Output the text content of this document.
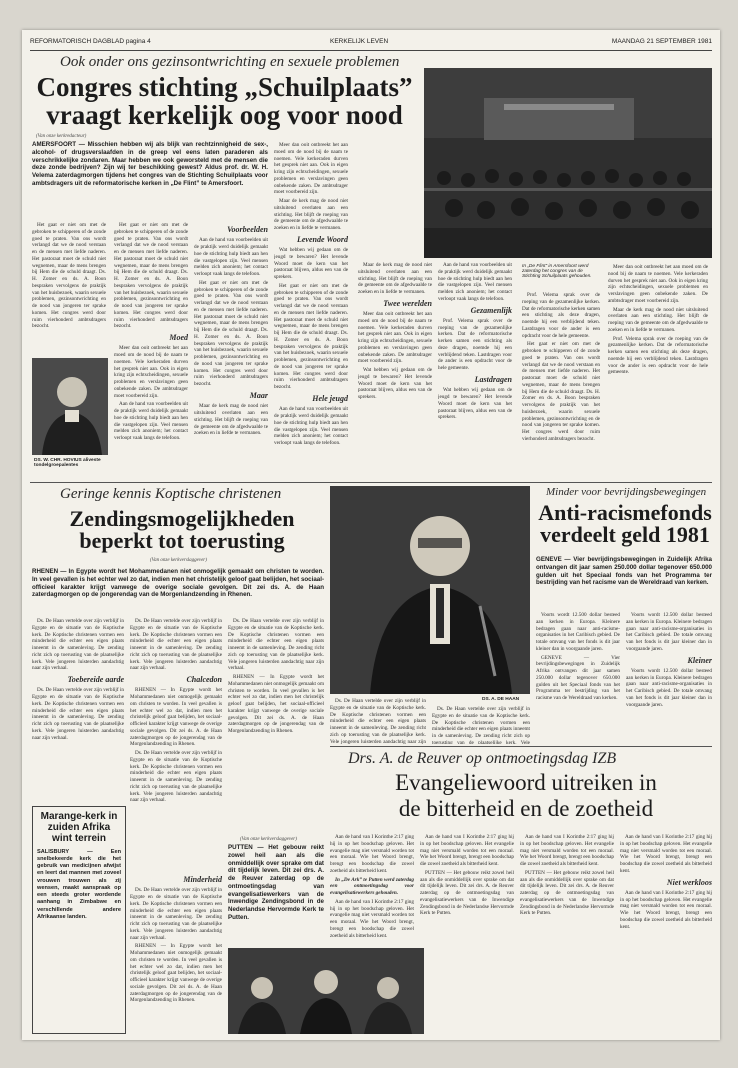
REFORMATORISCH DAGBLAD pagina 4	KERKELIJK LEVEN	MAANDAG 21 SEPTEMBER 1981
Ook onder ons gezinsontwrichting en sexuele problemen
Congres stichting „Schuilplaats”
vraagt kerkelijk oog voor nood
(Van onze kerkredacteur)
AMERSFOORT — Misschien hebben wij als blijk van rechtzinnigheid de sex-, alcohol- of drugsverslaafden in de greep vel eens laten paraderen als verschrikkelijke zondaren. Maar hebben we ook geworsteld met de mensen die deze zonde bedrijven? Zijn wij ter beschikking gewest? Aldus prof. dr. W. H. Velema zaterdagmorgen tijdens het congres van de Stichting Schuilplaats voor ambtsdragers uit de reformatorische kerken in „De Flint” te Amersfoort.

Het gaat er niet om met de gebroken te schipperen of de zonde goed te praten. Van ons wordt verlangd dat we de nood verstaan en de mensen met liefde naderen. Het pastoraat moet de schuld niet wegnemen, maar de mens brengen bij Hem die de schuld draagt. Ds. H. Zomer en ds. A. Boon bespraken vervolgens de praktijk van het huisbezoek, waarin sexuele problemen, gezinsontwrichting en de nood van jongeren ter sprake komen. Het congres werd door ruim vierhonderd ambtsdragers bezocht.

DS. W. CHR. HOVIUS aliveste tondelgroepalentes

Het gaat er niet om met de gebroken te schipperen of de zonde goed te praten. Van ons wordt verlangd dat we de nood verstaan en de mensen met liefde naderen. Het pastoraat moet de schuld niet wegnemen, maar de mens brengen bij Hem die de schuld draagt. Ds. H. Zomer en ds. A. Boon bespraken vervolgens de praktijk van het huisbezoek, waarin sexuele problemen, gezinsontwrichting en de nood van jongeren ter sprake komen. Het congres werd door ruim vierhonderd ambtsdragers bezocht.

Moed

Meer dan ooit ontbreekt het aan moed om de nood bij de naam te noemen. Vele kerkeraden durven het gesprek niet aan. Ook in eigen kring zijn echtscheidingen, sexuele problemen en verslavingen geen onbekende zaken. De ambtsdrager moet voorbereid zijn.

Aan de hand van voorbeelden uit de praktijk werd duidelijk gemaakt hoe de stichting hulp biedt aan hen die vastgelopen zijn. Veel mensen melden zich anoniem; het contact verloopt vaak langs de telefoon.

Voorbeelden

Aan de hand van voorbeelden uit de praktijk werd duidelijk gemaakt hoe de stichting hulp biedt aan hen die vastgelopen zijn. Veel mensen melden zich anoniem; het contact verloopt vaak langs de telefoon.

Het gaat er niet om met de gebroken te schipperen of de zonde goed te praten. Van ons wordt verlangd dat we de nood verstaan en de mensen met liefde naderen. Het pastoraat moet de schuld niet wegnemen, maar de mens brengen bij Hem die de schuld draagt. Ds. H. Zomer en ds. A. Boon bespraken vervolgens de praktijk van het huisbezoek, waarin sexuele problemen, gezinsontwrichting en de nood van jongeren ter sprake komen. Het congres werd door ruim vierhonderd ambtsdragers bezocht.

Maar

Maar de kerk mag de nood niet uitsluitend overlaten aan een stichting. Het blijft de roeping van de gemeente om de afgedwaalde te zoeken en in liefde te vermanen.

Meer dan ooit ontbreekt het aan moed om de nood bij de naam te noemen. Vele kerkeraden durven het gesprek niet aan. Ook in eigen kring zijn echtscheidingen, sexuele problemen en verslavingen geen onbekende zaken. De ambtsdrager moet voorbereid zijn.

Maar de kerk mag de nood niet uitsluitend overlaten aan een stichting. Het blijft de roeping van de gemeente om de afgedwaalde te zoeken en in liefde te vermanen.

Levende Woord

Wat hebben wij gedaan om de jeugd te bewaren? Het levende Woord moet de kern van het pastoraat blijven, aldus een van de sprekers.

Het gaat er niet om met de gebroken te schipperen of de zonde goed te praten. Van ons wordt verlangd dat we de nood verstaan en de mensen met liefde naderen. Het pastoraat moet de schuld niet wegnemen, maar de mens brengen bij Hem die de schuld draagt. Ds. H. Zomer en ds. A. Boon bespraken vervolgens de praktijk van het huisbezoek, waarin sexuele problemen, gezinsontwrichting en de nood van jongeren ter sprake komen. Het congres werd door ruim vierhonderd ambtsdragers bezocht.

Hele jeugd

Aan de hand van voorbeelden uit de praktijk werd duidelijk gemaakt hoe de stichting hulp biedt aan hen die vastgelopen zijn. Veel mensen melden zich anoniem; het contact verloopt vaak langs de telefoon.

Maar de kerk mag de nood niet uitsluitend overlaten aan een stichting. Het blijft de roeping van de gemeente om de afgedwaalde te zoeken en in liefde te vermanen.

Twee werelden

Meer dan ooit ontbreekt het aan moed om de nood bij de naam te noemen. Vele kerkeraden durven het gesprek niet aan. Ook in eigen kring zijn echtscheidingen, sexuele problemen en verslavingen geen onbekende zaken. De ambtsdrager moet voorbereid zijn.

Wat hebben wij gedaan om de jeugd te bewaren? Het levende Woord moet de kern van het pastoraat blijven, aldus een van de sprekers.

Aan de hand van voorbeelden uit de praktijk werd duidelijk gemaakt hoe de stichting hulp biedt aan hen die vastgelopen zijn. Veel mensen melden zich anoniem; het contact verloopt vaak langs de telefoon.

Gezamenlijk

Prof. Velema sprak over de roeping van de gezamenlijke kerken. Dat de reformatorische kerken samen een stichting als deze dragen, noemde hij een verblijdend teken. Lastdragen voor de ander is een opdracht voor de hele gemeente.

Lastdragen

Wat hebben wij gedaan om de jeugd te bewaren? Het levende Woord moet de kern van het pastoraat blijven, aldus een van de sprekers.

In „De Flint” in Amersfoort werd zaterdag het congres van de Stichting Schuilplaats gehouden.

Prof. Velema sprak over de roeping van de gezamenlijke kerken. Dat de reformatorische kerken samen een stichting als deze dragen, noemde hij een verblijdend teken. Lastdragen voor de ander is een opdracht voor de hele gemeente.

Het gaat er niet om met de gebroken te schipperen of de zonde goed te praten. Van ons wordt verlangd dat we de nood verstaan en de mensen met liefde naderen. Het pastoraat moet de schuld niet wegnemen, maar de mens brengen bij Hem die de schuld draagt. Ds. H. Zomer en ds. A. Boon bespraken vervolgens de praktijk van het huisbezoek, waarin sexuele problemen, gezinsontwrichting en de nood van jongeren ter sprake komen. Het congres werd door ruim vierhonderd ambtsdragers bezocht.

Meer dan ooit ontbreekt het aan moed om de nood bij de naam te noemen. Vele kerkeraden durven het gesprek niet aan. Ook in eigen kring zijn echtscheidingen, sexuele problemen en verslavingen geen onbekende zaken. De ambtsdrager moet voorbereid zijn.

Maar de kerk mag de nood niet uitsluitend overlaten aan een stichting. Het blijft de roeping van de gemeente om de afgedwaalde te zoeken en in liefde te vermanen.

Prof. Velema sprak over de roeping van de gezamenlijke kerken. Dat de reformatorische kerken samen een stichting als deze dragen, noemde hij een verblijdend teken. Lastdragen voor de ander is een opdracht voor de hele gemeente.

Geringe kennis Koptische christenen
Zendingsmogelijkheden
beperkt tot toerusting
(Van onze kerkverslaggever)
RHENEN — In Egypte wordt het Mohammedanen niet onmogelijk gemaakt om christen te worden. In veel gevallen is het echter wel zo dat, indien men het christelijk geloof gaat belijden, het sociaal-officieel karakter krijgt vanwege de overige sociale gevolgen. Dit zei ds. A. de Haan zaterdagmorgen op de jongerendag van de Morgenlandzending in Rhenen.

Ds. De Haan vertelde over zijn verblijf in Egypte en de situatie van de Koptische kerk. De Koptische christenen vormen een minderheid die echter een eigen plaats inneemt in de samenleving. De zending richt zich op toerusting van de plaatselijke kerk. Vele jongeren luisterden aandachtig naar zijn verhaal.

Toebereide aarde

Ds. De Haan vertelde over zijn verblijf in Egypte en de situatie van de Koptische kerk. De Koptische christenen vormen een minderheid die echter een eigen plaats inneemt in de samenleving. De zending richt zich op toerusting van de plaatselijke kerk. Vele jongeren luisterden aandachtig naar zijn verhaal.

Ds. De Haan vertelde over zijn verblijf in Egypte en de situatie van de Koptische kerk. De Koptische christenen vormen een minderheid die echter een eigen plaats inneemt in de samenleving. De zending richt zich op toerusting van de plaatselijke kerk. Vele jongeren luisterden aandachtig naar zijn verhaal.

Chalcedon

RHENEN — In Egypte wordt het Mohammedanen niet onmogelijk gemaakt om christen te worden. In veel gevallen is het echter wel zo dat, indien men het christelijk geloof gaat belijden, het sociaal-officieel karakter krijgt vanwege de overige sociale gevolgen. Dit zei ds. A. de Haan zaterdagmorgen op de jongerendag van de Morgenlandzending in Rhenen.

Ds. De Haan vertelde over zijn verblijf in Egypte en de situatie van de Koptische kerk. De Koptische christenen vormen een minderheid die echter een eigen plaats inneemt in de samenleving. De zending richt zich op toerusting van de plaatselijke kerk. Vele jongeren luisterden aandachtig naar zijn verhaal.

Ds. De Haan vertelde over zijn verblijf in Egypte en de situatie van de Koptische kerk. De Koptische christenen vormen een minderheid die echter een eigen plaats inneemt in de samenleving. De zending richt zich op toerusting van de plaatselijke kerk. Vele jongeren luisterden aandachtig naar zijn verhaal.

RHENEN — In Egypte wordt het Mohammedanen niet onmogelijk gemaakt om christen te worden. In veel gevallen is het echter wel zo dat, indien men het christelijk geloof gaat belijden, het sociaal-officieel karakter krijgt vanwege de overige sociale gevolgen. Dit zei ds. A. de Haan zaterdagmorgen op de jongerendag van de Morgenlandzending in Rhenen.

DS. A. DE HAAN

Ds. De Haan vertelde over zijn verblijf in Egypte en de situatie van de Koptische kerk. De Koptische christenen vormen een minderheid die echter een eigen plaats inneemt in de samenleving. De zending richt zich op toerusting van de plaatselijke kerk. Vele jongeren luisterden aandachtig naar zijn

Ds. De Haan vertelde over zijn verblijf in Egypte en de situatie van de Koptische kerk. De Koptische christenen vormen een minderheid die echter een eigen plaats inneemt in de samenleving. De zending richt zich op toerusting van de plaatselijke kerk. Vele

Minder voor bevrijdingsbewegingen
Anti-racismefonds
verdeelt geld 1981
GENEVE — Vier bevrijdingsbewegingen in Zuidelijk Afrika ontvangen dit jaar samen 250.000 dollar tegenover 650.000 gulden uit het Speciaal fonds van het Programma ter bestrijding van het racisme van de Wereldraad van kerken.

Voorts wordt 12.500 dollar besteed aan kerken in Europa. Kleinere bedragen gaan naar anti-racisme-organisaties in het Caribisch gebied. De totale omvang van het fonds is dit jaar kleiner dan in voorgaande jaren.

GENEVE — Vier bevrijdingsbewegingen in Zuidelijk Afrika ontvangen dit jaar samen 250.000 dollar tegenover 650.000 gulden uit het Speciaal fonds van het Programma ter bestrijding van het racisme van de Wereldraad van kerken.

Voorts wordt 12.500 dollar besteed aan kerken in Europa. Kleinere bedragen gaan naar anti-racisme-organisaties in het Caribisch gebied. De totale omvang van het fonds is dit jaar kleiner dan in voorgaande jaren.

Kleiner

Voorts wordt 12.500 dollar besteed aan kerken in Europa. Kleinere bedragen gaan naar anti-racisme-organisaties in het Caribisch gebied. De totale omvang van het fonds is dit jaar kleiner dan in voorgaande jaren.

Drs. A. de Reuver op ontmoetingsdag IZB
Evangeliewoord uitreiken in
de bitterheid en de zoetheid
(Van onze kerkverslaggever)
PUTTEN — Het gebouw reikt zowel heil aan als die onmiddellijk over sprake om dat dit tijdelijk leven. Dit zei drs. A. de Reuver zaterdag op de ontmoetingsdag van evangelisatiewerkers van de Inwendige Zendingsbond in de Nederlandse Hervormde Kerk te Putten.

Aan de hand van I Korinthe 2:17 ging hij in op het boodschap geloven. Het evangelie mag niet versmald worden tot een moraal. Wie het Woord brengt, brengt een boodschap die zowel zoetheid als bitterheid kent.

In „De Ark” te Putten werd zaterdag een ontmoetingsdag voor evangelisatiewerkers gehouden.

Aan de hand van I Korinthe 2:17 ging hij in op het boodschap geloven. Het evangelie mag niet versmald worden tot een moraal. Wie het Woord brengt, brengt een boodschap die zowel zoetheid als bitterheid kent.

Aan de hand van I Korinthe 2:17 ging hij in op het boodschap geloven. Het evangelie mag niet versmald worden tot een moraal. Wie het Woord brengt, brengt een boodschap die zowel zoetheid als bitterheid kent.

PUTTEN — Het gebouw reikt zowel heil aan als die onmiddellijk over sprake om dat dit tijdelijk leven. Dit zei drs. A. de Reuver zaterdag op de ontmoetingsdag van evangelisatiewerkers van de Inwendige Zendingsbond in de Nederlandse Hervormde Kerk te Putten.

Aan de hand van I Korinthe 2:17 ging hij in op het boodschap geloven. Het evangelie mag niet versmald worden tot een moraal. Wie het Woord brengt, brengt een boodschap die zowel zoetheid als bitterheid kent.

PUTTEN — Het gebouw reikt zowel heil aan als die onmiddellijk over sprake om dat dit tijdelijk leven. Dit zei drs. A. de Reuver zaterdag op de ontmoetingsdag van evangelisatiewerkers van de Inwendige Zendingsbond in de Nederlandse Hervormde Kerk te Putten.

Aan de hand van I Korinthe 2:17 ging hij in op het boodschap geloven. Het evangelie mag niet versmald worden tot een moraal. Wie het Woord brengt, brengt een boodschap die zowel zoetheid als bitterheid kent.

Niet werkloos

Aan de hand van I Korinthe 2:17 ging hij in op het boodschap geloven. Het evangelie mag niet versmald worden tot een moraal. Wie het Woord brengt, brengt een boodschap die zowel zoetheid als bitterheid kent.

Marange-kerk in
zuiden Afrika
wint terrein
SALISBURY — Een snelbekeerde kerk die het gebruik van medicijnen afwijst en leert dat mannen met zoveel vrouwen trouwen als zij wensen, maakt aanspraak op een steeds groter wordende aanhang in Zimbabwe en verschillende andere Afrikaanse landen.
Minderheid

Ds. De Haan vertelde over zijn verblijf in Egypte en de situatie van de Koptische kerk. De Koptische christenen vormen een minderheid die echter een eigen plaats inneemt in de samenleving. De zending richt zich op toerusting van de plaatselijke kerk. Vele jongeren luisterden aandachtig naar zijn verhaal.

RHENEN — In Egypte wordt het Mohammedanen niet onmogelijk gemaakt om christen te worden. In veel gevallen is het echter wel zo dat, indien men het christelijk geloof gaat belijden, het sociaal-officieel karakter krijgt vanwege de overige sociale gevolgen. Dit zei ds. A. de Haan zaterdagmorgen op de jongerendag van de Morgenlandzending in Rhenen.
